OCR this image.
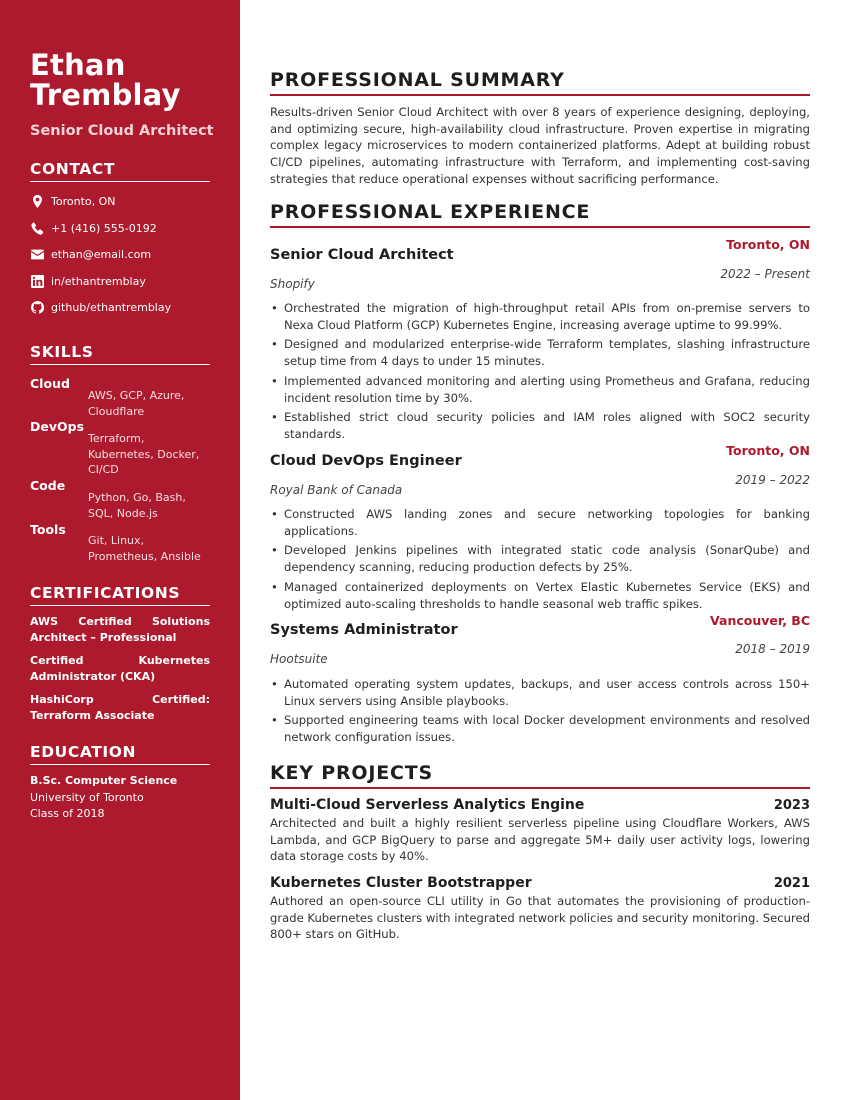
Ethan Tremblay
Senior Cloud Architect
CONTACT
Toronto, ON
+1 (416) 555-0192
ethan@email.com
in/ethantremblay
github/ethantremblay
SKILLS
Cloud
AWS, GCP, Azure, Cloudflare
DevOps
Terraform, Kubernetes, Docker, CI/CD
Code
Python, Go, Bash, SQL, Node.js
Tools
Git, Linux, Prometheus, Ansible
CERTIFICATIONS
AWS Certified Solutions Architect – Professional
Certified Kubernetes Administrator (CKA)
HashiCorp Certified: Terraform Associate
EDUCATION
B.Sc. Computer Science
University of Toronto
Class of 2018
PROFESSIONAL SUMMARY
Results-driven Senior Cloud Architect with over 8 years of experience designing, deploying, and optimizing secure, high-availability cloud infrastructure. Proven expertise in migrating complex legacy microservices to modern containerized platforms. Adept at building robust CI/CD pipelines, automating infrastructure with Terraform, and implementing cost-saving strategies that reduce operational expenses without sacrificing performance.
PROFESSIONAL EXPERIENCE
Toronto, ON
Senior Cloud Architect
2022 – Present
Shopify
• Orchestrated the migration of high-throughput retail APIs from on-premise servers to Nexa Cloud Platform (GCP) Kubernetes Engine, increasing average uptime to 99.99%.
• Designed and modularized enterprise-wide Terraform templates, slashing infrastructure setup time from 4 days to under 15 minutes.
• Implemented advanced monitoring and alerting using Prometheus and Grafana, reducing incident resolution time by 30%.
• Established strict cloud security policies and IAM roles aligned with SOC2 security standards.
Toronto, ON
Cloud DevOps Engineer
2019 – 2022
Royal Bank of Canada
• Constructed AWS landing zones and secure networking topologies for banking applications.
• Developed Jenkins pipelines with integrated static code analysis (SonarQube) and dependency scanning, reducing production defects by 25%.
• Managed containerized deployments on Vertex Elastic Kubernetes Service (EKS) and optimized auto-scaling thresholds to handle seasonal web traffic spikes.
Vancouver, BC
Systems Administrator
2018 – 2019
Hootsuite
• Automated operating system updates, backups, and user access controls across 150+ Linux servers using Ansible playbooks.
• Supported engineering teams with local Docker development environments and resolved network configuration issues.
KEY PROJECTS
Multi-Cloud Serverless Analytics Engine	2023
Architected and built a highly resilient serverless pipeline using Cloudflare Workers, AWS Lambda, and GCP BigQuery to parse and aggregate 5M+ daily user activity logs, lowering data storage costs by 40%.
Kubernetes Cluster Bootstrapper	2021
Authored an open-source CLI utility in Go that automates the provisioning of production-grade Kubernetes clusters with integrated network policies and security monitoring. Secured 800+ stars on GitHub.
